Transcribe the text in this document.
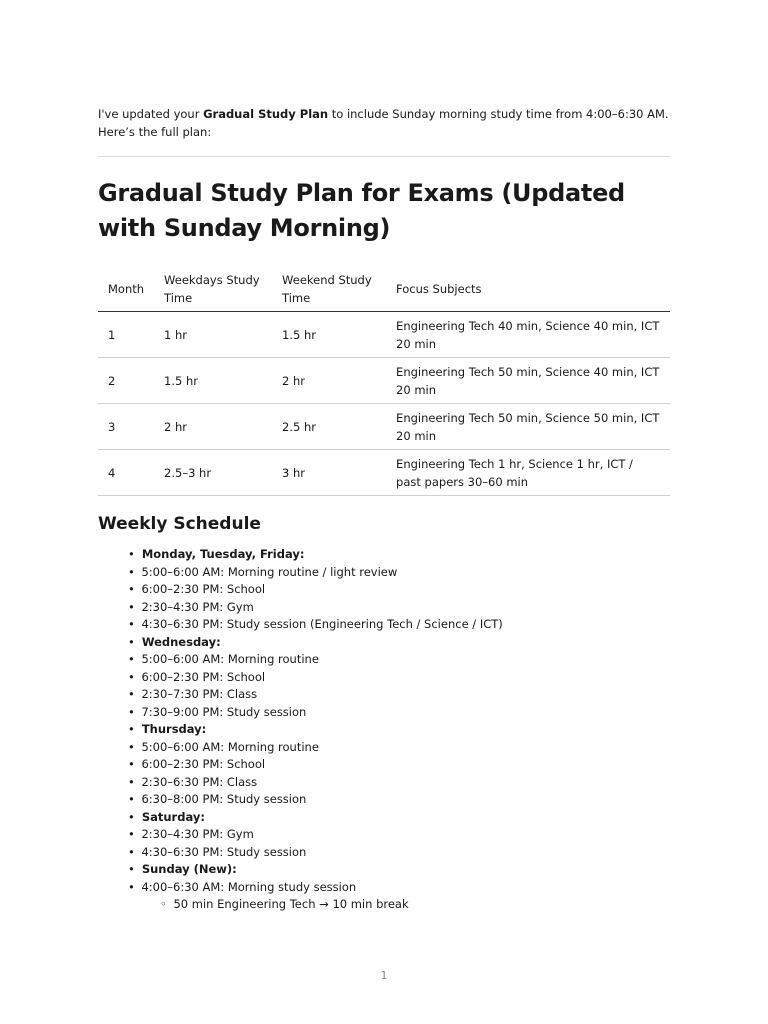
I've updated your Gradual Study Plan to include Sunday morning study time from 4:00–6:30 AM. Here’s the full plan:

Gradual Study Plan for Exams (Updated with Sunday Morning)
Month	Weekdays Study Time	Weekend Study Time	Focus Subjects
1	1 hr	1.5 hr	Engineering Tech 40 min, Science 40 min, ICT 20 min
2	1.5 hr	2 hr	Engineering Tech 50 min, Science 40 min, ICT 20 min
3	2 hr	2.5 hr	Engineering Tech 50 min, Science 50 min, ICT 20 min
4	2.5–3 hr	3 hr	Engineering Tech 1 hr, Science 1 hr, ICT / past papers 30–60 min
Weekly Schedule
• Monday, Tuesday, Friday:
• 5:00–6:00 AM: Morning routine / light review
• 6:00–2:30 PM: School
• 2:30–4:30 PM: Gym
• 4:30–6:30 PM: Study session (Engineering Tech / Science / ICT)
• Wednesday:
• 5:00–6:00 AM: Morning routine
• 6:00–2:30 PM: School
• 2:30–7:30 PM: Class
• 7:30–9:00 PM: Study session
• Thursday:
• 5:00–6:00 AM: Morning routine
• 6:00–2:30 PM: School
• 2:30–6:30 PM: Class
• 6:30–8:00 PM: Study session
• Saturday:
• 2:30–4:30 PM: Gym
• 4:30–6:30 PM: Study session
• Sunday (New):
• 4:00–6:30 AM: Morning study session
◦ 50 min Engineering Tech → 10 min break
1
